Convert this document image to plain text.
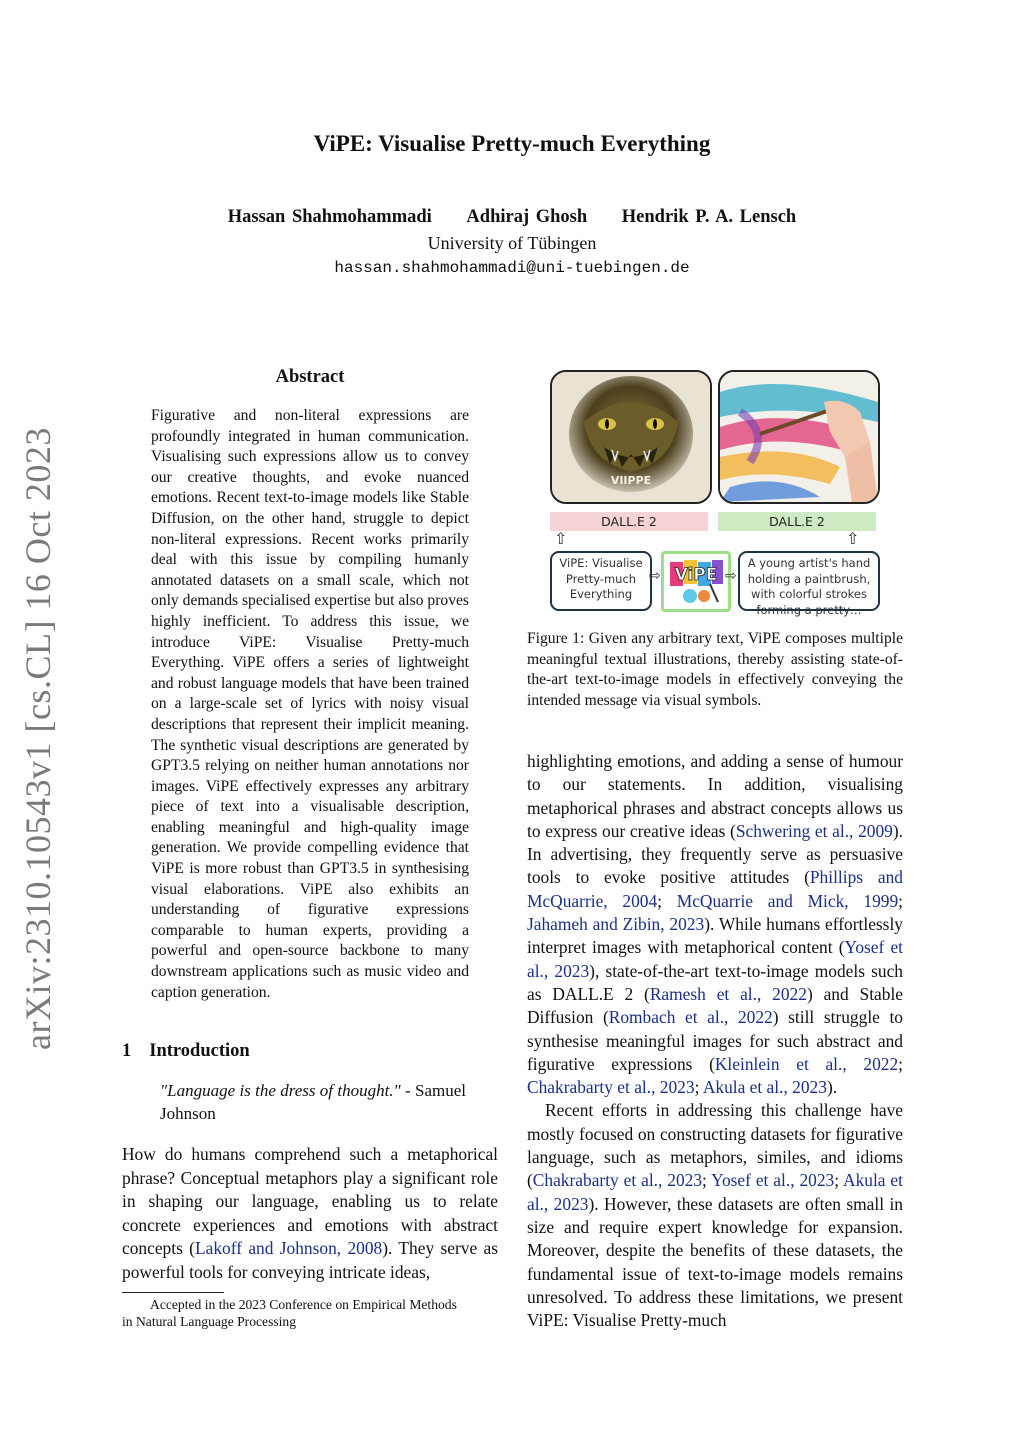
ViPE: Visualise Pretty-much Everything
Hassan Shahmohammadi Adhiraj Ghosh Hendrik P. A. Lensch
University of Tübingen
hassan.shahmohammadi@uni-tuebingen.de
arXiv:2310.10543v1 [cs.CL] 16 Oct 2023
Abstract
Figurative and non-literal expressions are profoundly integrated in human communication. Visualising such expressions allow us to convey our creative thoughts, and evoke nuanced emotions. Recent text-to-image models like Stable Diffusion, on the other hand, struggle to depict non-literal expressions. Recent works primarily deal with this issue by compiling humanly annotated datasets on a small scale, which not only demands specialised expertise but also proves highly inefficient. To address this issue, we introduce ViPE: Visualise Pretty-much Everything. ViPE offers a series of lightweight and robust language models that have been trained on a large-scale set of lyrics with noisy visual descriptions that represent their implicit meaning. The synthetic visual descriptions are generated by GPT3.5 relying on neither human annotations nor images. ViPE effectively expresses any arbitrary piece of text into a visualisable description, enabling meaningful and high-quality image generation. We provide compelling evidence that ViPE is more robust than GPT3.5 in synthesising visual elaborations. ViPE also exhibits an understanding of figurative expressions comparable to human experts, providing a powerful and open-source backbone to many downstream applications such as music video and caption generation.
VIIPPE
DALL.E 2	DALL.E 2
⇧	⇧
ViPE: Visualise Pretty-much Everything
⇨ ViPE ⇨
A young artist's hand holding a paintbrush, with colorful strokes forming a pretty…
Figure 1: Given any arbitrary text, ViPE composes multiple meaningful textual illustrations, thereby assisting state-of-the-art text-to-image models in effectively conveying the intended message via visual symbols.
1 Introduction
"Language is the dress of thought." - Samuel Johnson
How do humans comprehend such a metaphorical phrase? Conceptual metaphors play a significant role in shaping our language, enabling us to relate concrete experiences and emotions with abstract concepts (Lakoff and Johnson, 2008). They serve as powerful tools for conveying intricate ideas,
Accepted in the 2023 Conference on Empirical Methods
in Natural Language Processing

highlighting emotions, and adding a sense of humour to our statements. In addition, visualising metaphorical phrases and abstract concepts allows us to express our creative ideas (Schwering et al., 2009). In advertising, they frequently serve as persuasive tools to evoke positive attitudes (Phillips and McQuarrie, 2004; McQuarrie and Mick, 1999; Jahameh and Zibin, 2023). While humans effortlessly interpret images with metaphorical content (Yosef et al., 2023), state-of-the-art text-to-image models such as DALL.E 2 (Ramesh et al., 2022) and Stable Diffusion (Rombach et al., 2022) still struggle to synthesise meaningful images for such abstract and figurative expressions (Kleinlein et al., 2022; Chakrabarty et al., 2023; Akula et al., 2023).

Recent efforts in addressing this challenge have mostly focused on constructing datasets for figurative language, such as metaphors, similes, and idioms (Chakrabarty et al., 2023; Yosef et al., 2023; Akula et al., 2023). However, these datasets are often small in size and require expert knowledge for expansion. Moreover, despite the benefits of these datasets, the fundamental issue of text-to-image models remains unresolved. To address these limitations, we present ViPE: Visualise Pretty-much
